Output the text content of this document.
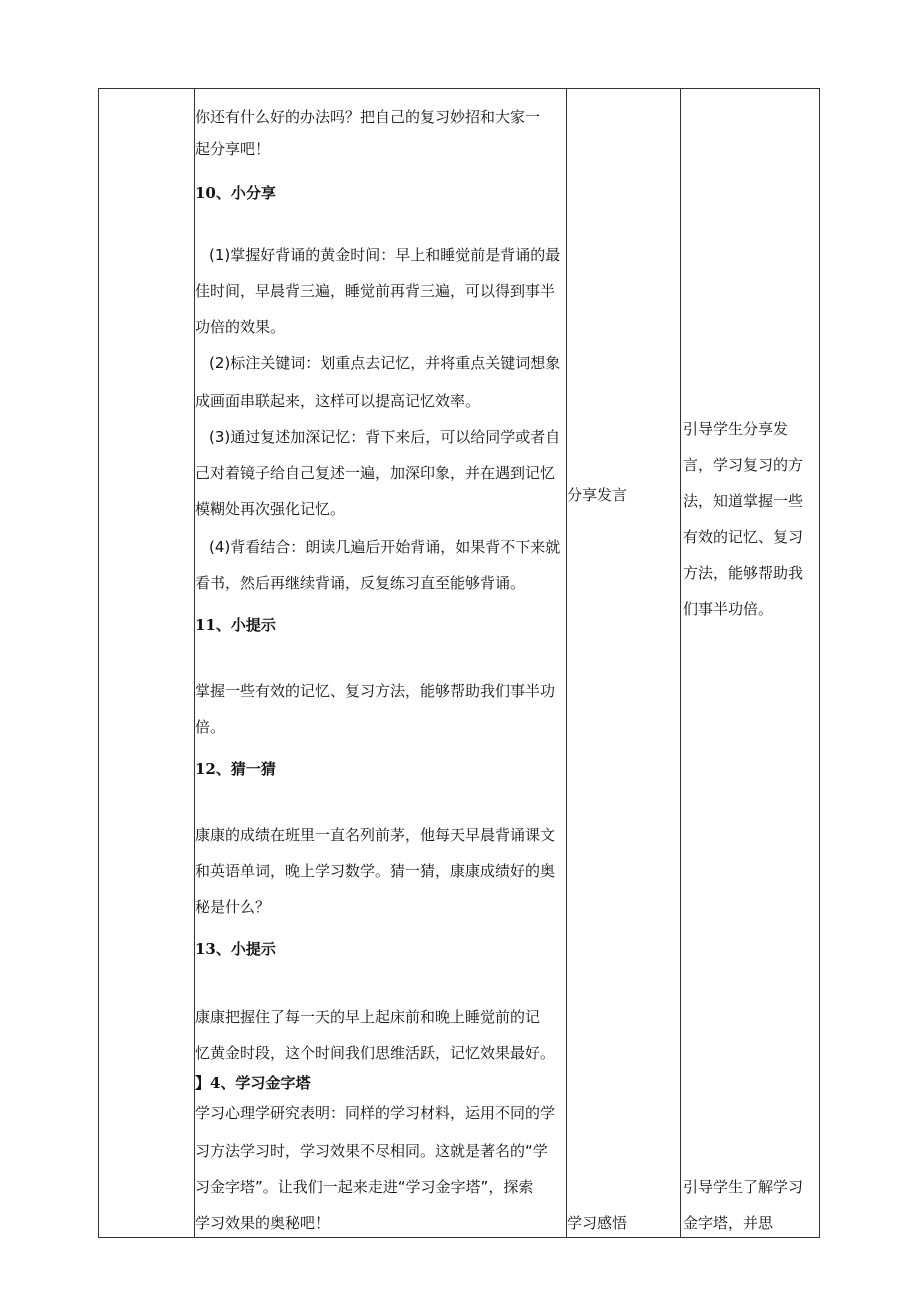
你还有什么好的办法吗？把自己的复习妙招和大家一
起分享吧！
10、小分享
(1)掌握好背诵的黄金时间：早上和睡觉前是背诵的最
佳时间，早晨背三遍，睡觉前再背三遍，可以得到事半
功倍的效果。
(2)标注关键词：划重点去记忆，并将重点关键词想象
成画面串联起来，这样可以提高记忆效率。
(3)通过复述加深记忆：背下来后，可以给同学或者自
己对着镜子给自己复述一遍，加深印象，并在遇到记忆
模糊处再次强化记忆。
(4)背看结合：朗读几遍后开始背诵，如果背不下来就
看书，然后再继续背诵，反复练习直至能够背诵。
11、小提示
掌握一些有效的记忆、复习方法，能够帮助我们事半功
倍。
12、猜一猜
康康的成绩在班里一直名列前茅，他每天早晨背诵课文
和英语单词，晚上学习数学。猜一猜，康康成绩好的奥
秘是什么？
13、小提示
康康把握住了每一天的早上起床前和晚上睡觉前的记
忆黄金时段，这个时间我们思维活跃，记忆效果最好。
】4、学习金字塔
学习心理学研究表明：同样的学习材料，运用不同的学
习方法学习时，学习效果不尽相同。这就是著名的“学
习金字塔”。让我们一起来走进“学习金字塔”，探索
学习效果的奥秘吧！
分享发言
学习感悟
引导学生分享发
言，学习复习的方
法，知道掌握一些
有效的记忆、复习
方法，能够帮助我
们事半功倍。
引导学生了解学习
金字塔，并思
